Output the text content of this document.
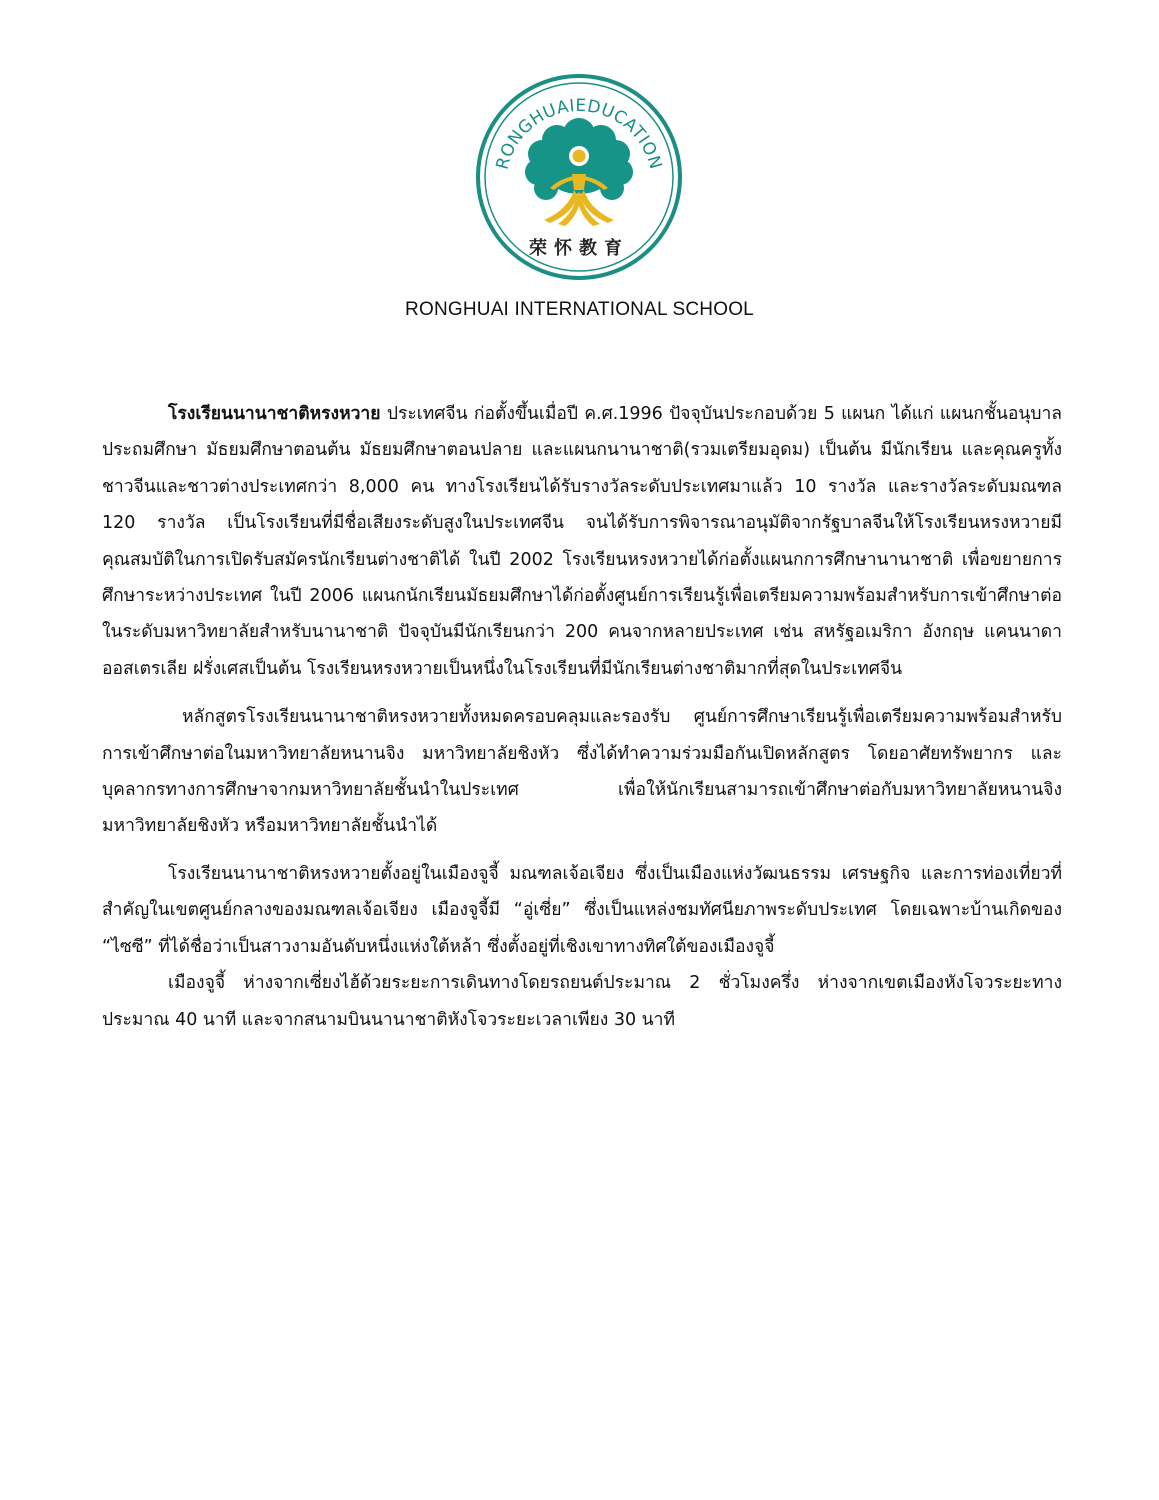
RONGHUAIEDUCATION
荣怀教育
RONGHUAI INTERNATIONAL SCHOOL

โรงเรียนนานาชาติหรงหวาย ประเทศจีน ก่อตั้งขึ้นเมื่อปี ค.ศ.1996 ปัจจุบันประกอบด้วย 5 แผนก ได้แก่ แผนกชั้นอนุบาล ประถมศึกษา มัธยมศึกษาตอนต้น มัธยมศึกษาตอนปลาย และแผนกนานาชาติ(รวมเตรียมอุดม) เป็นต้น มีนักเรียน และคุณครูทั้งชาวจีนและชาวต่างประเทศกว่า 8,000 คน ทางโรงเรียนได้รับรางวัลระดับประเทศมาแล้ว 10 รางวัล และรางวัลระดับมณฑล 120 รางวัล เป็นโรงเรียนที่มีชื่อเสียงระดับสูงในประเทศจีน จนได้รับการพิจารณาอนุมัติจากรัฐบาลจีนให้โรงเรียนหรงหวายมีคุณสมบัติในการเปิดรับสมัครนักเรียนต่างชาติได้ ในปี 2002 โรงเรียนหรงหวายได้ก่อตั้งแผนกการศึกษานานาชาติ เพื่อขยายการศึกษาระหว่างประเทศ ในปี 2006 แผนกนักเรียนมัธยมศึกษาได้ก่อตั้งศูนย์การเรียนรู้เพื่อเตรียมความพร้อมสำหรับการเข้าศึกษาต่อในระดับมหาวิทยาลัยสำหรับนานาชาติ ปัจจุบันมีนักเรียนกว่า 200 คนจากหลายประเทศ เช่น สหรัฐอเมริกา อังกฤษ แคนนาดา ออสเตรเลีย ฝรั่งเศสเป็นต้น โรงเรียนหรงหวายเป็นหนึ่งในโรงเรียนที่มีนักเรียนต่างชาติมากที่สุดในประเทศจีน

หลักสูตรโรงเรียนนานาชาติหรงหวายทั้งหมดครอบคลุมและรองรับ ศูนย์การศึกษาเรียนรู้เพื่อเตรียมความพร้อมสำหรับการเข้าศึกษาต่อในมหาวิทยาลัยหนานจิง มหาวิทยาลัยชิงหัว ซึ่งได้ทำความร่วมมือกันเปิดหลักสูตร โดยอาศัยทรัพยากร และบุคลากรทางการศึกษาจากมหาวิทยาลัยชั้นนำในประเทศ เพื่อให้นักเรียนสามารถเข้าศึกษาต่อกับมหาวิทยาลัยหนานจิง มหาวิทยาลัยชิงหัว หรือมหาวิทยาลัยชั้นนำได้

โรงเรียนนานาชาติหรงหวายตั้งอยู่ในเมืองจูจี้ มณฑลเจ้อเจียง ซึ่งเป็นเมืองแห่งวัฒนธรรม เศรษฐกิจ และการท่องเที่ยวที่สำคัญในเขตศูนย์กลางของมณฑลเจ้อเจียง เมืองจูจี้มี “อู่เซี่ย” ซึ่งเป็นแหล่งชมทัศนียภาพระดับประเทศ โดยเฉพาะบ้านเกิดของ “ไซซี” ที่ได้ชื่อว่าเป็นสาวงามอันดับหนึ่งแห่งใต้หล้า ซึ่งตั้งอยู่ที่เชิงเขาทางทิศใต้ของเมืองจูจี้

เมืองจูจี้ ห่างจากเซี่ยงไฮ้ด้วยระยะการเดินทางโดยรถยนต์ประมาณ 2 ชั่วโมงครึ่ง ห่างจากเขตเมืองหังโจวระยะทางประมาณ 40 นาที และจากสนามบินนานาชาติหังโจวระยะเวลาเพียง 30 นาที
